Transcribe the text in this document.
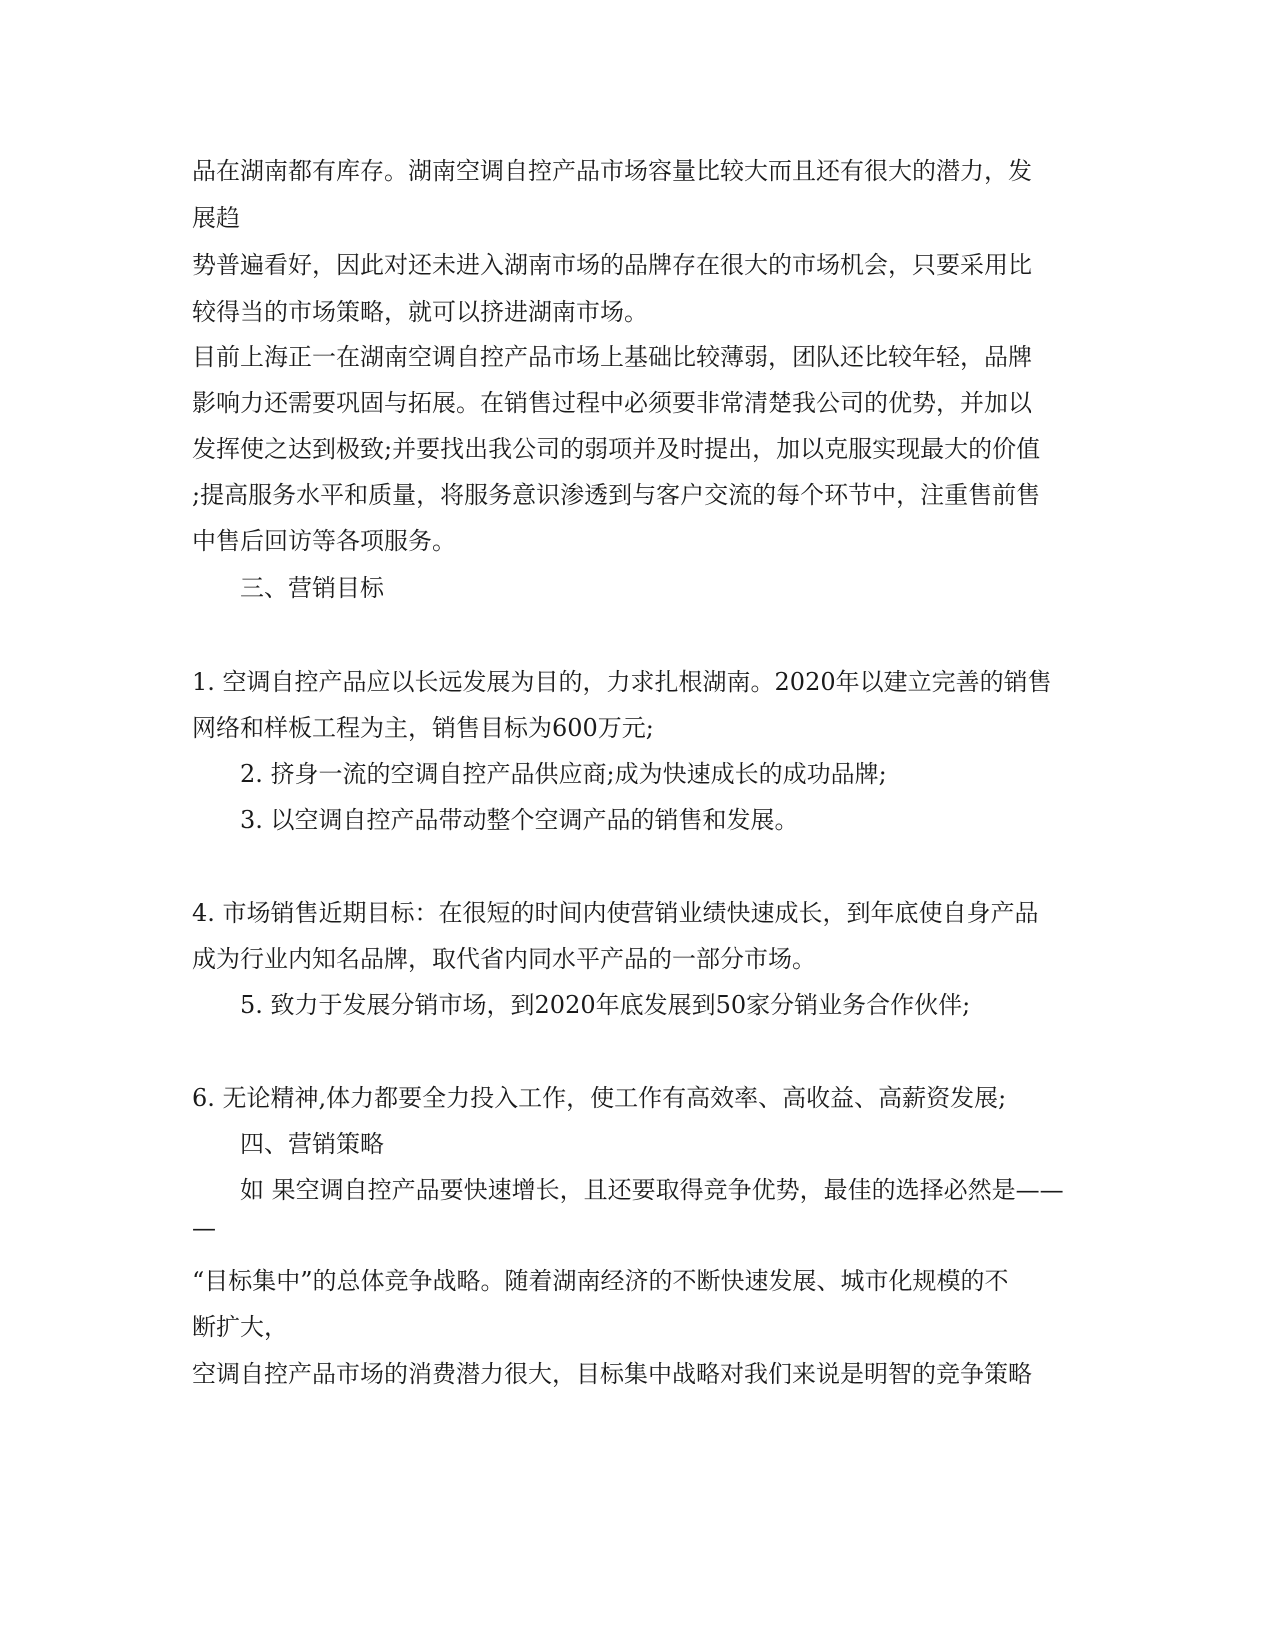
品在湖南都有库存。湖南空调自控产品市场容量比较大而且还有很大的潜力，发
展趋
势普遍看好，因此对还未进入湖南市场的品牌存在很大的市场机会，只要采用比
较得当的市场策略，就可以挤进湖南市场。
目前上海正一在湖南空调自控产品市场上基础比较薄弱，团队还比较年轻，品牌
影响力还需要巩固与拓展。在销售过程中必须要非常清楚我公司的优势，并加以
发挥使之达到极致;并要找出我公司的弱项并及时提出，加以克服实现最大的价值
;提高服务水平和质量，将服务意识渗透到与客户交流的每个环节中，注重售前售
中售后回访等各项服务。
三、营销目标
1. 空调自控产品应以长远发展为目的，力求扎根湖南。2020年以建立完善的销售
网络和样板工程为主，销售目标为600万元;
2. 挤身一流的空调自控产品供应商;成为快速成长的成功品牌;
3. 以空调自控产品带动整个空调产品的销售和发展。
4. 市场销售近期目标：在很短的时间内使营销业绩快速成长，到年底使自身产品
成为行业内知名品牌，取代省内同水平产品的一部分市场。
5. 致力于发展分销市场，到2020年底发展到50家分销业务合作伙伴;
6. 无论精神,体力都要全力投入工作，使工作有高效率、高收益、高薪资发展;
四、营销策略
如 果空调自控产品要快速增长，且还要取得竞争优势，最佳的选择必然是——
—
“目标集中”的总体竞争战略。随着湖南经济的不断快速发展、城市化规模的不
断扩大，
空调自控产品市场的消费潜力很大，目标集中战略对我们来说是明智的竞争策略
